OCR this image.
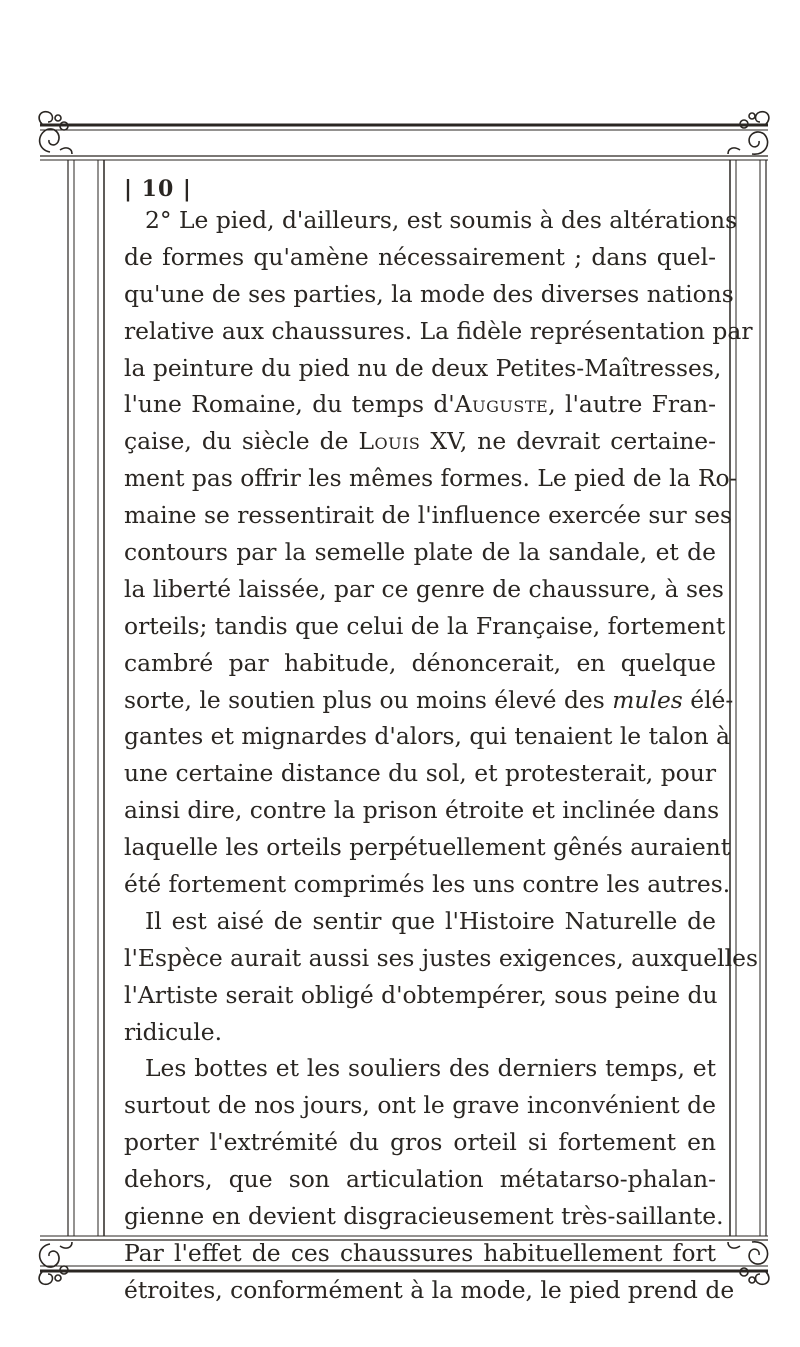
| 10 |
2° Le pied, d'ailleurs, est soumis à des altérations
de formes qu'amène nécessairement ; dans quel-
qu'une de ses parties, la mode des diverses nations
relative aux chaussures. La fidèle représentation par
la peinture du pied nu de deux Petites-Maîtresses,
l'une Romaine, du temps d'Auguste, l'autre Fran-
çaise, du siècle de Louis XV, ne devrait certaine-
ment pas offrir les mêmes formes. Le pied de la Ro-
maine se ressentirait de l'influence exercée sur ses
contours par la semelle plate de la sandale, et de
la liberté laissée, par ce genre de chaussure, à ses
orteils; tandis que celui de la Française, fortement
cambré par habitude, dénoncerait, en quelque
sorte, le soutien plus ou moins élevé des mules élé-
gantes et mignardes d'alors, qui tenaient le talon à
une certaine distance du sol, et protesterait, pour
ainsi dire, contre la prison étroite et inclinée dans
laquelle les orteils perpétuellement gênés auraient
été fortement comprimés les uns contre les autres.
Il est aisé de sentir que l'Histoire Naturelle de
l'Espèce aurait aussi ses justes exigences, auxquelles
l'Artiste serait obligé d'obtempérer, sous peine du
ridicule.
Les bottes et les souliers des derniers temps, et
surtout de nos jours, ont le grave inconvénient de
porter l'extrémité du gros orteil si fortement en
dehors, que son articulation métatarso-phalan-
gienne en devient disgracieusement très-saillante.
Par l'effet de ces chaussures habituellement fort
étroites, conformément à la mode, le pied prend de
